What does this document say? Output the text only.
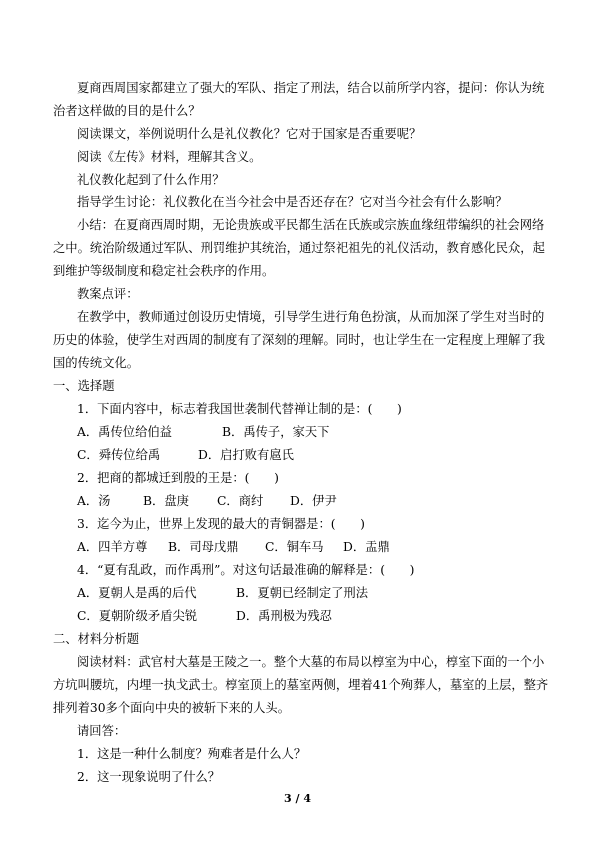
夏商西周国家都建立了强大的军队、指定了刑法，结合以前所学内容，提问：你认为统
治者这样做的目的是什么？
阅读课文，举例说明什么是礼仪教化？它对于国家是否重要呢？
阅读《左传》材料，理解其含义。
礼仪教化起到了什么作用？
指导学生讨论：礼仪教化在当今社会中是否还存在？它对当今社会有什么影响？
小结：在夏商西周时期，无论贵族或平民都生活在氏族或宗族血缘纽带编织的社会网络
之中。统治阶级通过军队、刑罚维护其统治，通过祭祀祖先的礼仪活动，教育感化民众，起
到维护等级制度和稳定社会秩序的作用。
教案点评：
在教学中，教师通过创设历史情境，引导学生进行角色扮演，从而加深了学生对当时的
历史的体验，使学生对西周的制度有了深刻的理解。同时，也让学生在一定程度上理解了我
国的传统文化。
一、选择题
1．下面内容中，标志着我国世袭制代替禅让制的是：(　　)
A．禹传位给伯益	B．禹传子，家天下
C．舜传位给禹	D．启打败有扈氏
2．把商的都城迁到殷的王是：(　　)
A．汤	B．盘庚 C．商纣 D．伊尹
3．迄今为止，世界上发现的最大的青铜器是：(　　)
A．四羊方尊 B．司母戊鼎 C．铜车马 D．盂鼎
4．“夏有乱政，而作禹刑”。对这句话最准确的解释是：(　　)
A．夏朝人是禹的后代	B．夏朝已经制定了刑法
C．夏朝阶级矛盾尖锐	D．禹刑极为残忍
二、材料分析题
阅读材料：武官村大墓是王陵之一。整个大墓的布局以椁室为中心，椁室下面的一个小
方坑叫腰坑，内埋一执戈武士。椁室顶上的墓室两侧，埋着41个殉葬人，墓室的上层，整齐
排列着30多个面向中央的被斩下来的人头。
请回答：
1．这是一种什么制度？殉难者是什么人？
2．这一现象说明了什么？
3 / 4
